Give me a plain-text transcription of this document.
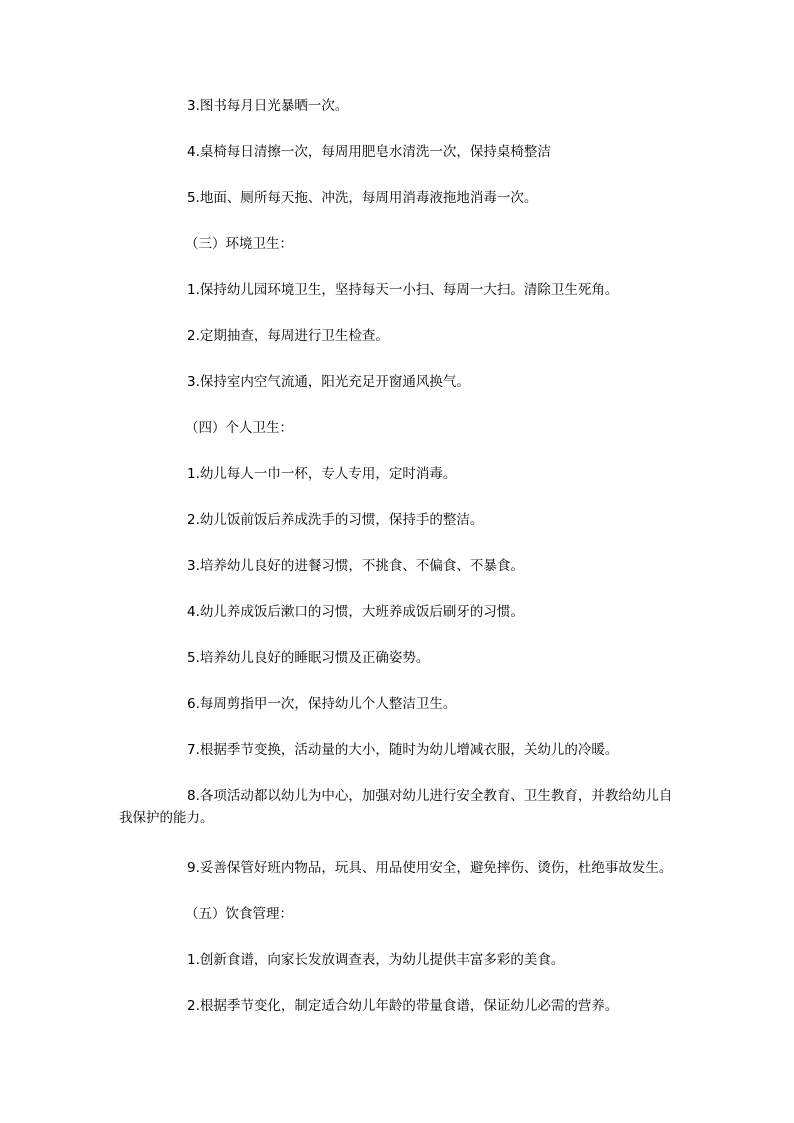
3.图书每月日光暴晒一次。

4.桌椅每日清擦一次，每周用肥皂水清洗一次，保持桌椅整洁

5.地面、厕所每天拖、冲洗，每周用消毒液拖地消毒一次。

（三）环境卫生：

1.保持幼儿园环境卫生，坚持每天一小扫、每周一大扫。清除卫生死角。

2.定期抽查，每周进行卫生检查。

3.保持室内空气流通，阳光充足开窗通风换气。

（四）个人卫生：

1.幼儿每人一巾一杯，专人专用，定时消毒。

2.幼儿饭前饭后养成洗手的习惯，保持手的整洁。

3.培养幼儿良好的进餐习惯，不挑食、不偏食、不暴食。

4.幼儿养成饭后漱口的习惯，大班养成饭后刷牙的习惯。

5.培养幼儿良好的睡眠习惯及正确姿势。

6.每周剪指甲一次，保持幼儿个人整洁卫生。

7.根据季节变换，活动量的大小，随时为幼儿增减衣服，关幼儿的冷暖。

8.各项活动都以幼儿为中心，加强对幼儿进行安全教育、卫生教育，并教给幼儿自我保护的能力。

9.妥善保管好班内物品，玩具、用品使用安全，避免摔伤、烫伤，杜绝事故发生。

（五）饮食管理：

1.创新食谱，向家长发放调查表，为幼儿提供丰富多彩的美食。

2.根据季节变化，制定适合幼儿年龄的带量食谱，保证幼儿必需的营养。
